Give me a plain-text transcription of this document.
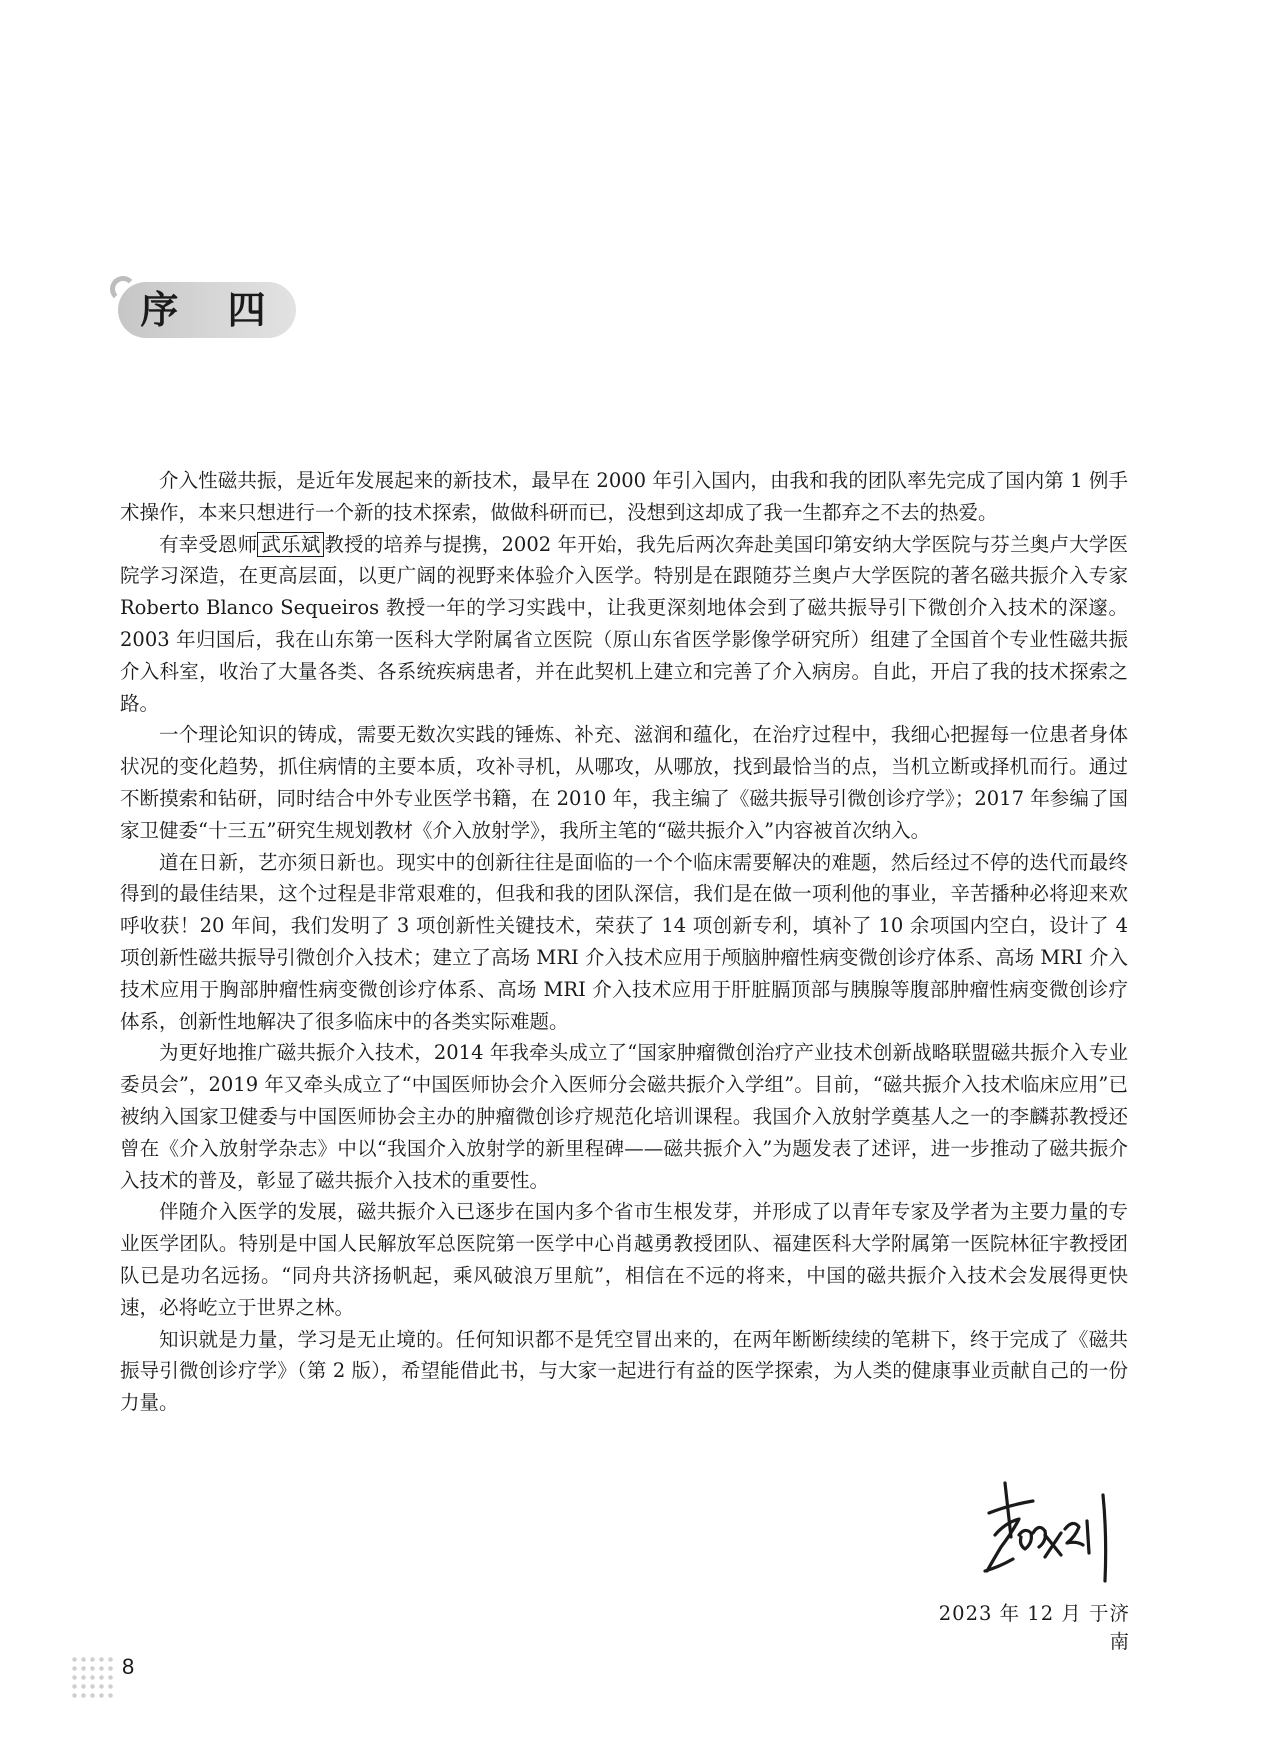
序 四

介入性磁共振，是近年发展起来的新技术，最早在 2000 年引入国内，由我和我的团队率先完成了国内第 1 例手术操作，本来只想进行一个新的技术探索，做做科研而已，没想到这却成了我一生都弃之不去的热爱。

有幸受恩师 武乐斌 教授的培养与提携，2002 年开始，我先后两次奔赴美国印第安纳大学医院与芬兰奥卢大学医院学习深造，在更高层面，以更广阔的视野来体验介入医学。特别是在跟随芬兰奥卢大学医院的著名磁共振介入专家 Roberto Blanco Sequeiros 教授一年的学习实践中，让我更深刻地体会到了磁共振导引下微创介入技术的深邃。2003 年归国后，我在山东第一医科大学附属省立医院（原山东省医学影像学研究所）组建了全国首个专业性磁共振介入科室，收治了大量各类、各系统疾病患者，并在此契机上建立和完善了介入病房。自此，开启了我的技术探索之路。

一个理论知识的铸成，需要无数次实践的锤炼、补充、滋润和蕴化，在治疗过程中，我细心把握每一位患者身体状况的变化趋势，抓住病情的主要本质，攻补寻机，从哪攻，从哪放，找到最恰当的点，当机立断或择机而行。通过不断摸索和钻研，同时结合中外专业医学书籍，在 2010 年，我主编了《磁共振导引微创诊疗学》；2017 年参编了国家卫健委“十三五”研究生规划教材《介入放射学》，我所主笔的“磁共振介入”内容被首次纳入。

道在日新，艺亦须日新也。现实中的创新往往是面临的一个个临床需要解决的难题，然后经过不停的迭代而最终得到的最佳结果，这个过程是非常艰难的，但我和我的团队深信，我们是在做一项利他的事业，辛苦播种必将迎来欢呼收获！20 年间，我们发明了 3 项创新性关键技术，荣获了 14 项创新专利，填补了 10 余项国内空白，设计了 4 项创新性磁共振导引微创介入技术；建立了高场 MRI 介入技术应用于颅脑肿瘤性病变微创诊疗体系、高场 MRI 介入技术应用于胸部肿瘤性病变微创诊疗体系、高场 MRI 介入技术应用于肝脏膈顶部与胰腺等腹部肿瘤性病变微创诊疗体系，创新性地解决了很多临床中的各类实际难题。

为更好地推广磁共振介入技术，2014 年我牵头成立了“国家肿瘤微创治疗产业技术创新战略联盟磁共振介入专业委员会”，2019 年又牵头成立了“中国医师协会介入医师分会磁共振介入学组”。目前，“磁共振介入技术临床应用”已被纳入国家卫健委与中国医师协会主办的肿瘤微创诊疗规范化培训课程。我国介入放射学奠基人之一的李麟荪教授还曾在《介入放射学杂志》中以“我国介入放射学的新里程碑——磁共振介入”为题发表了述评，进一步推动了磁共振介入技术的普及，彰显了磁共振介入技术的重要性。

伴随介入医学的发展，磁共振介入已逐步在国内多个省市生根发芽，并形成了以青年专家及学者为主要力量的专业医学团队。特别是中国人民解放军总医院第一医学中心肖越勇教授团队、福建医科大学附属第一医院林征宇教授团队已是功名远扬。“同舟共济扬帆起，乘风破浪万里航”，相信在不远的将来，中国的磁共振介入技术会发展得更快速，必将屹立于世界之林。

知识就是力量，学习是无止境的。任何知识都不是凭空冒出来的，在两年断断续续的笔耕下，终于完成了《磁共振导引微创诊疗学》（第 2 版），希望能借此书，与大家一起进行有益的医学探索，为人类的健康事业贡献自己的一份力量。

2023 年 12 月 于济南
8
